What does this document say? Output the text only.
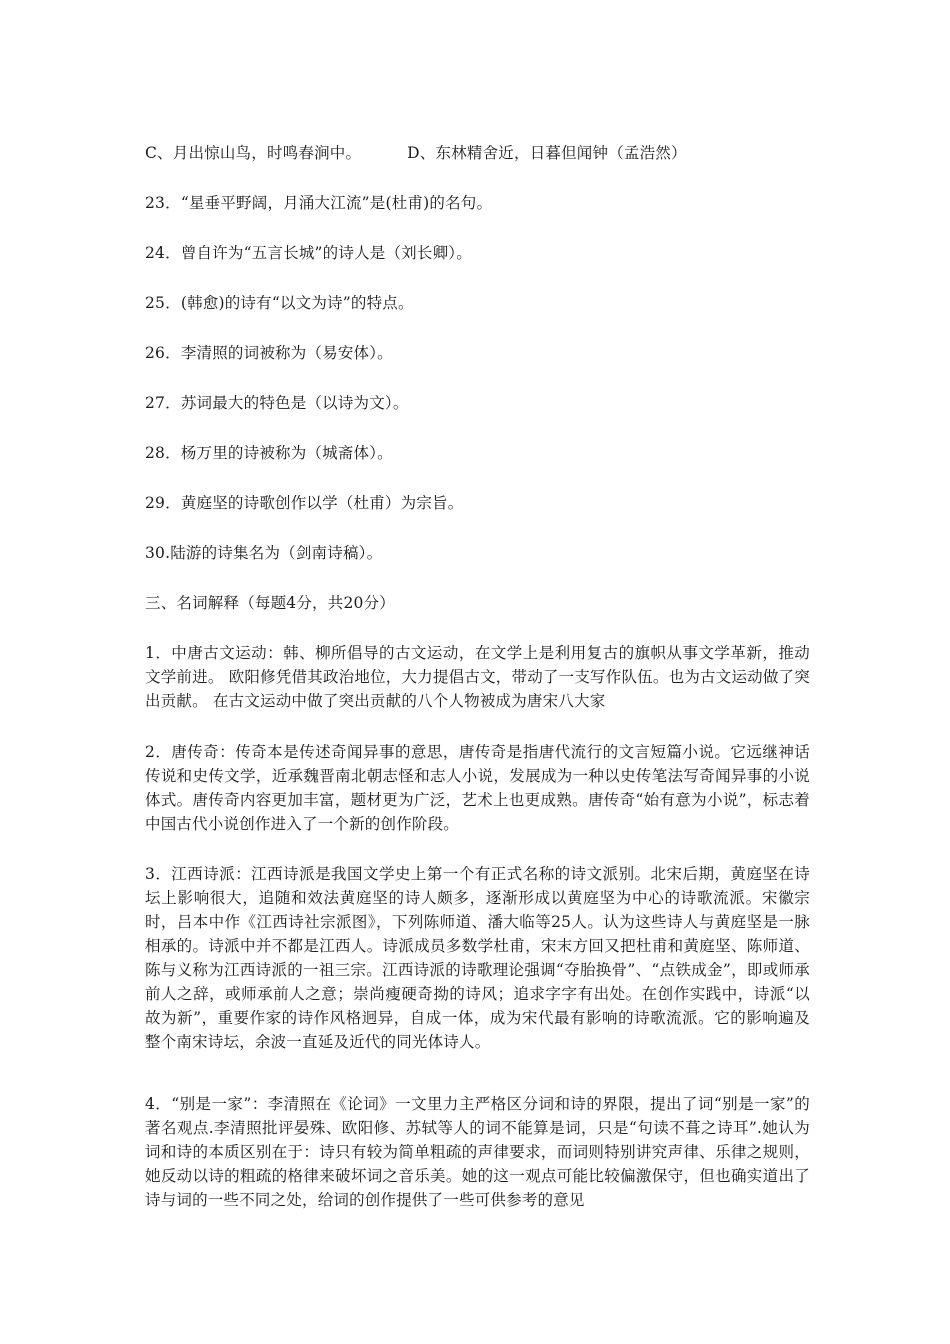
C、月出惊山鸟，时鸣春涧中。	D、东林精舍近，日暮但闻钟（孟浩然）
23．“星垂平野阔，月涌大江流”是(杜甫)的名句。
24．曾自许为“五言长城”的诗人是（刘长卿）。
25．(韩愈)的诗有“以文为诗”的特点。
26．李清照的词被称为（易安体）。
27．苏词最大的特色是（以诗为文）。
28．杨万里的诗被称为（城斋体）。
29．黄庭坚的诗歌创作以学（杜甫）为宗旨。
30.陆游的诗集名为（剑南诗稿）。
三、名词解释（每题4分，共20分）
1．中唐古文运动：韩、柳所倡导的古文运动，在文学上是利用复古的旗帜从事文学革新，推动文学前进。 欧阳修凭借其政治地位，大力提倡古文，带动了一支写作队伍。也为古文运动做了突出贡献。 在古文运动中做了突出贡献的八个人物被成为唐宋八大家
2．唐传奇：传奇本是传述奇闻异事的意思，唐传奇是指唐代流行的文言短篇小说。它远继神话传说和史传文学，近承魏晋南北朝志怪和志人小说，发展成为一种以史传笔法写奇闻异事的小说体式。唐传奇内容更加丰富，题材更为广泛，艺术上也更成熟。唐传奇“始有意为小说”，标志着中国古代小说创作进入了一个新的创作阶段。
3．江西诗派：江西诗派是我国文学史上第一个有正式名称的诗文派别。北宋后期，黄庭坚在诗坛上影响很大，追随和效法黄庭坚的诗人颇多，逐渐形成以黄庭坚为中心的诗歌流派。宋徽宗时，吕本中作《江西诗社宗派图》，下列陈师道、潘大临等25人。认为这些诗人与黄庭坚是一脉相承的。诗派中并不都是江西人。诗派成员多数学杜甫，宋末方回又把杜甫和黄庭坚、陈师道、陈与义称为江西诗派的一祖三宗。江西诗派的诗歌理论强调“夺胎换骨”、“点铁成金”，即或师承前人之辞，或师承前人之意；崇尚瘦硬奇拗的诗风；追求字字有出处。在创作实践中，诗派“以故为新”，重要作家的诗作风格迥异，自成一体，成为宋代最有影响的诗歌流派。它的影响遍及整个南宋诗坛，余波一直延及近代的同光体诗人。
4．“别是一家”：李清照在《论词》一文里力主严格区分词和诗的界限，提出了词“别是一家”的著名观点.李清照批评晏殊、欧阳修、苏轼等人的词不能算是词，只是“句读不葺之诗耳”.她认为词和诗的本质区别在于：诗只有较为简单粗疏的声律要求，而词则特别讲究声律、乐律之规则，她反动以诗的粗疏的格律来破坏词之音乐美。她的这一观点可能比较偏激保守，但也确实道出了诗与词的一些不同之处，给词的创作提供了一些可供参考的意见
